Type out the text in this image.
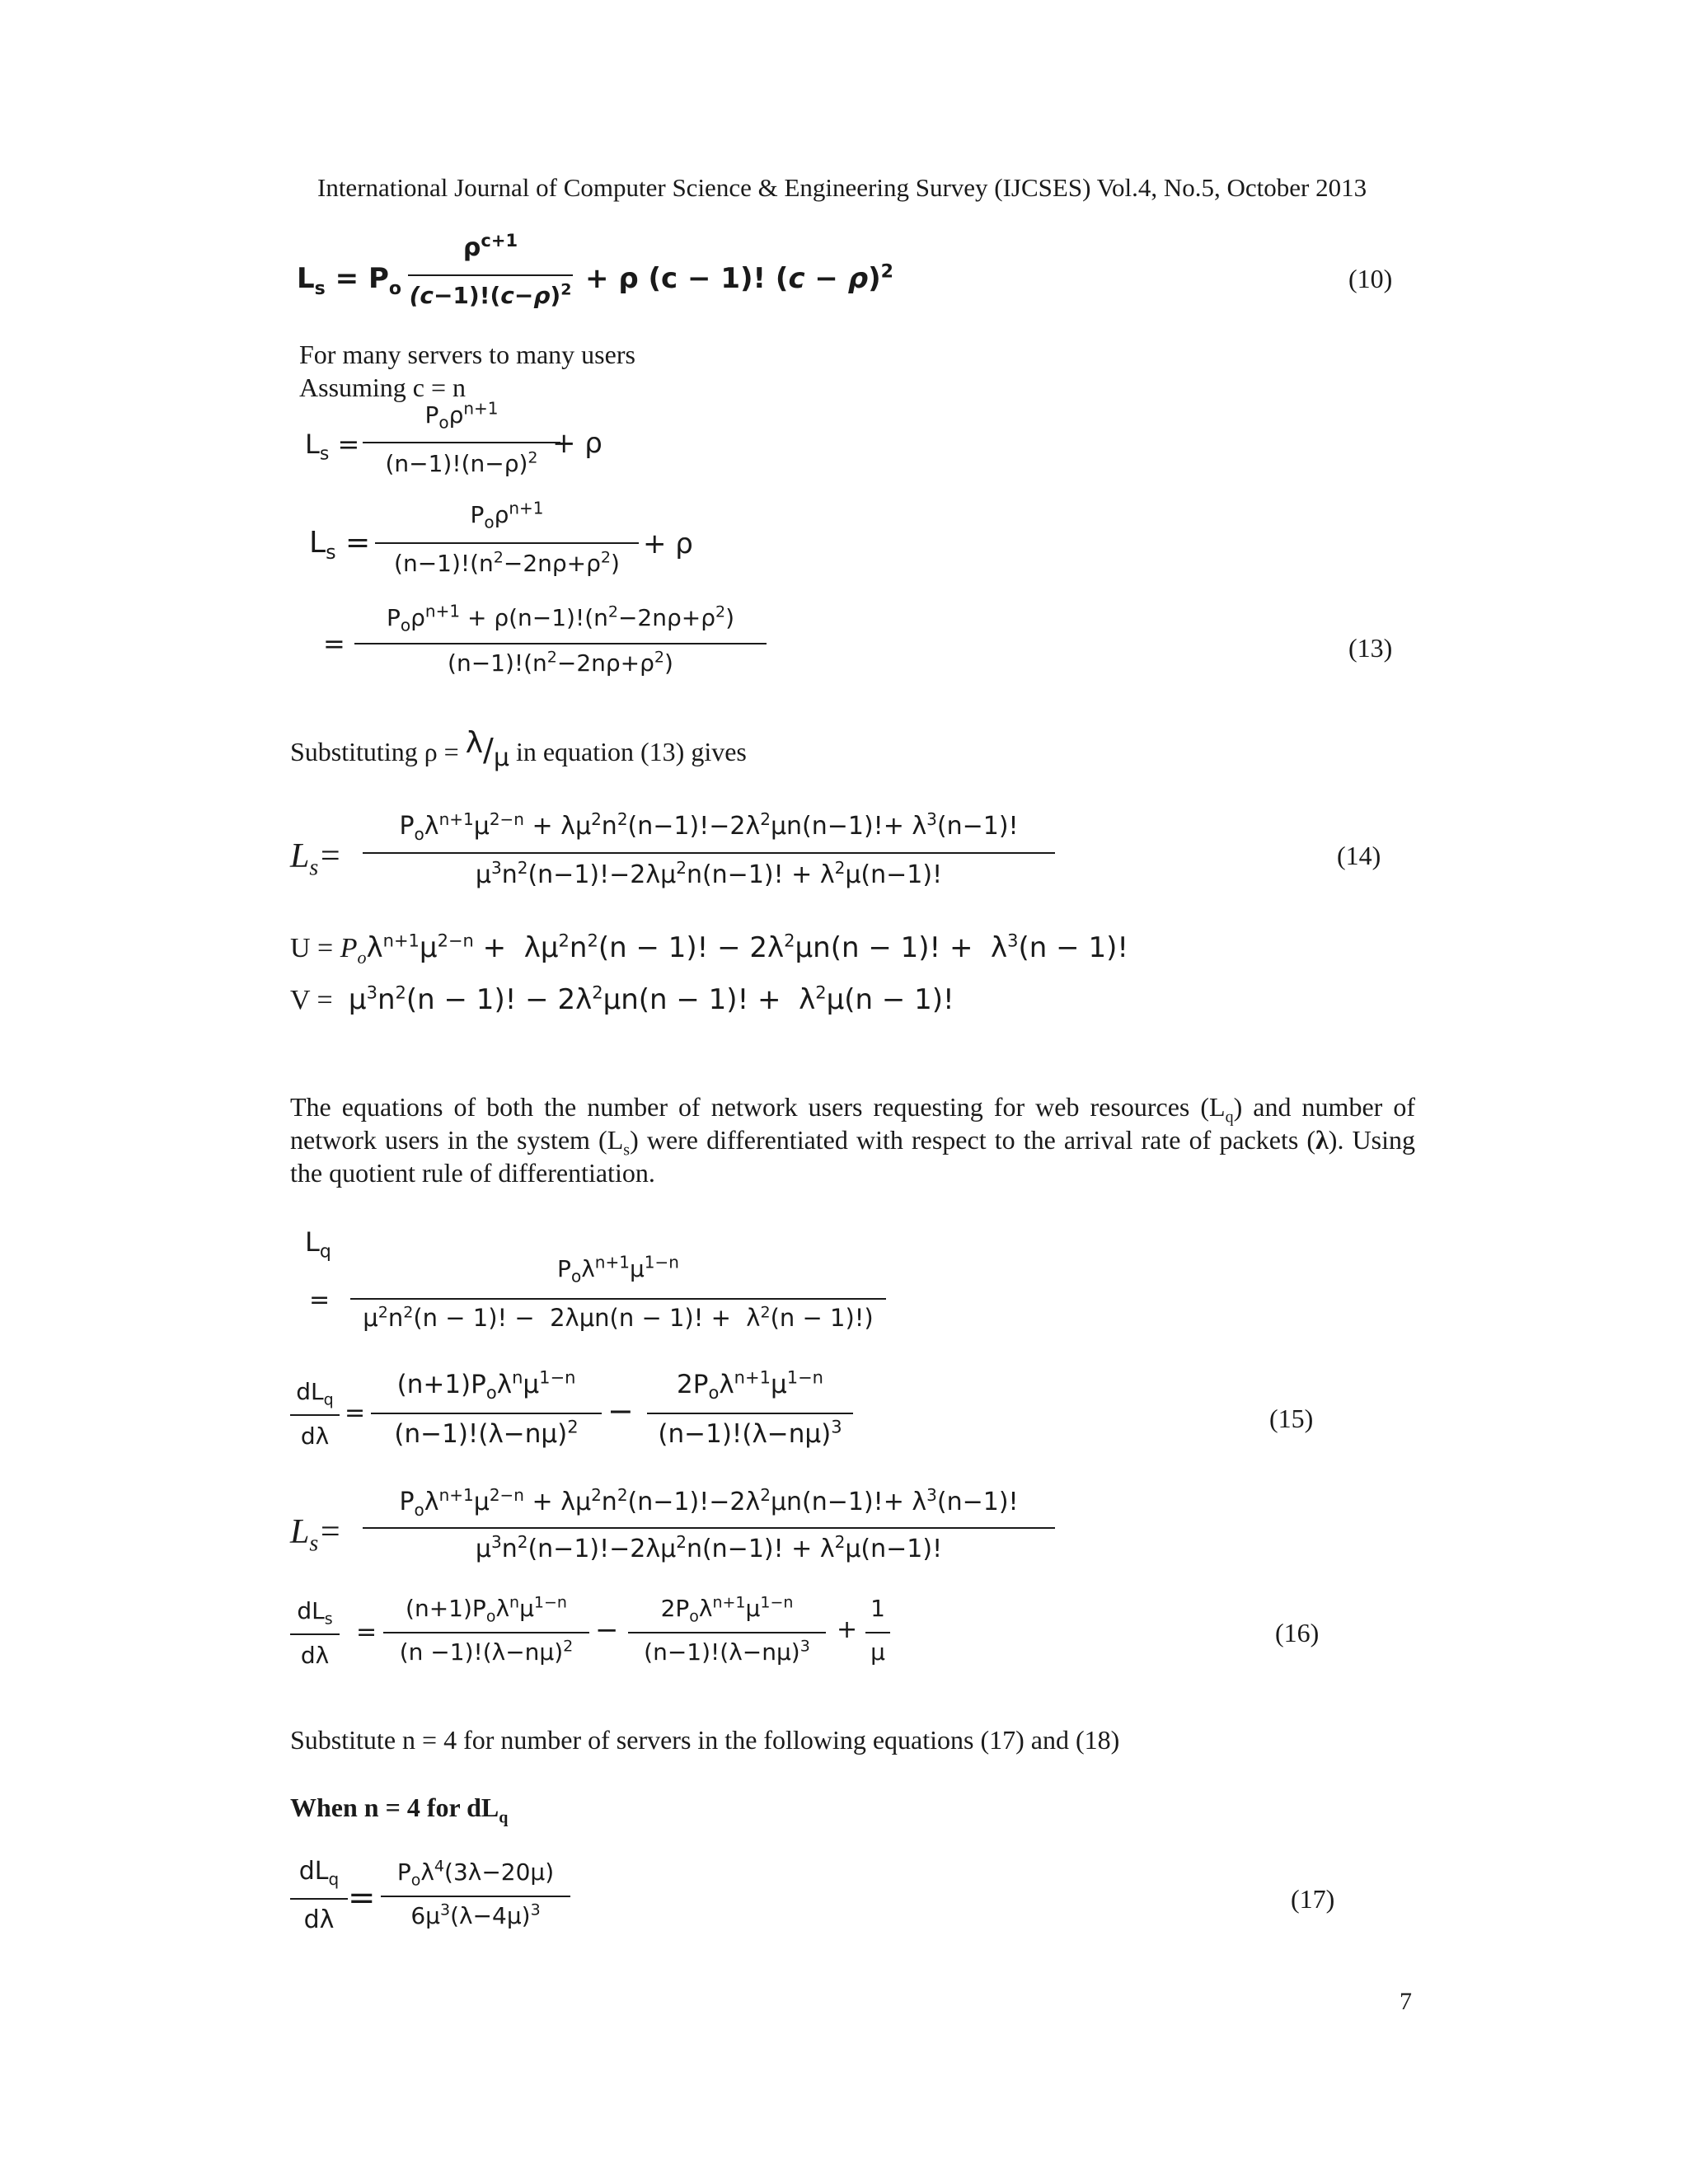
International Journal of Computer Science & Engineering Survey (IJCSES) Vol.4, No.5, October 2013
$L_s = P_o$
$\rho^{c+1}$
$(c-1)!(c-\rho)^2 + \rho$ (c − 1)! $(c - \rho)^2$	(10)
For many servers to many users
Assuming c = n
$L_s$ =
$P_o\rho^{n+1}$
$(n-1)!(n-\rho)^2 + \rho$
$L_s$ =
$P_o\rho^{n+1}$
$(n-1)!(n^2-2n\rho+\rho^2)$
+ ρ
=
$P_o\rho^{n+1} + \rho(n-1)!(n^2-2n\rho+\rho^2)$
$(n-1)!(n^2-2n\rho+\rho^2)$
(13)
Substituting ρ = λ/μ in equation (13) gives
$L_s=$
$P_o\lambda^{n+1}\mu^{2-n} + \lambda\mu^2n^2(n-1)!-2\lambda^2\mu n(n-1)!+ \lambda^3(n-1)$!
$\mu^3n^2(n-1)!-2\lambda\mu^2n(n-1)$! + $\lambda^2\mu(n-1)$!
(14)
$U = P_o\lambda^{n+1}\mu^{2-n} + \lambda\mu^2n^2(n - 1)$! − $2\lambda^2\mu n(n - 1)$! +  $\lambda^3(n - 1)$!
$V = \mu^3n^2(n - 1)$! − $2\lambda^2\mu n(n - 1)$! +  $\lambda^2\mu(n - 1)$!
The equations of both the number of network users requesting for web resources $(L_q)$ and number of network users in the system $(L_s)$ were differentiated with respect to the arrival rate of packets (λ). Using the quotient rule of differentiation.
$L_q$
=
$P_o\lambda^{n+1}\mu^{1-n}$
$\mu^2n^2(n - 1)$! −  2λμn(n − 1)! +  $\lambda^2(n - 1)$!)
$dL_q$
dλ
=
$(n+1)P_o\lambda^n\mu^{1-n}$
$(n-1)!(\lambda-n\mu)^2$ −
$2P_o\lambda^{n+1}\mu^{1-n}$
$(n-1)!(\lambda-n\mu)^3$	(15)
$L_s=$
$P_o\lambda^{n+1}\mu^{2-n} + \lambda\mu^2n^2(n-1)!-2\lambda^2\mu n(n-1)!+ \lambda^3(n-1)$!
$\mu^3n^2(n-1)!-2\lambda\mu^2n(n-1)$! + $\lambda^2\mu(n-1)$!
$dL_s$
dλ
=
$(n+1)P_o\lambda^n\mu^{1-n}$
$(n -1)!(\lambda-n\mu)^2$ −
$2P_o\lambda^{n+1}\mu^{1-n}$
$(n-1)!(\lambda-n\mu)^3$
+
1
μ
(16)
Substitute n = 4 for number of servers in the following equations (17) and (18)
When n = 4 for $dL_q$
$dL_q$
dλ
=
$P_o\lambda^4(3\lambda-20\mu)$
$6\mu^3(\lambda-4\mu)^3$	(17)
7
